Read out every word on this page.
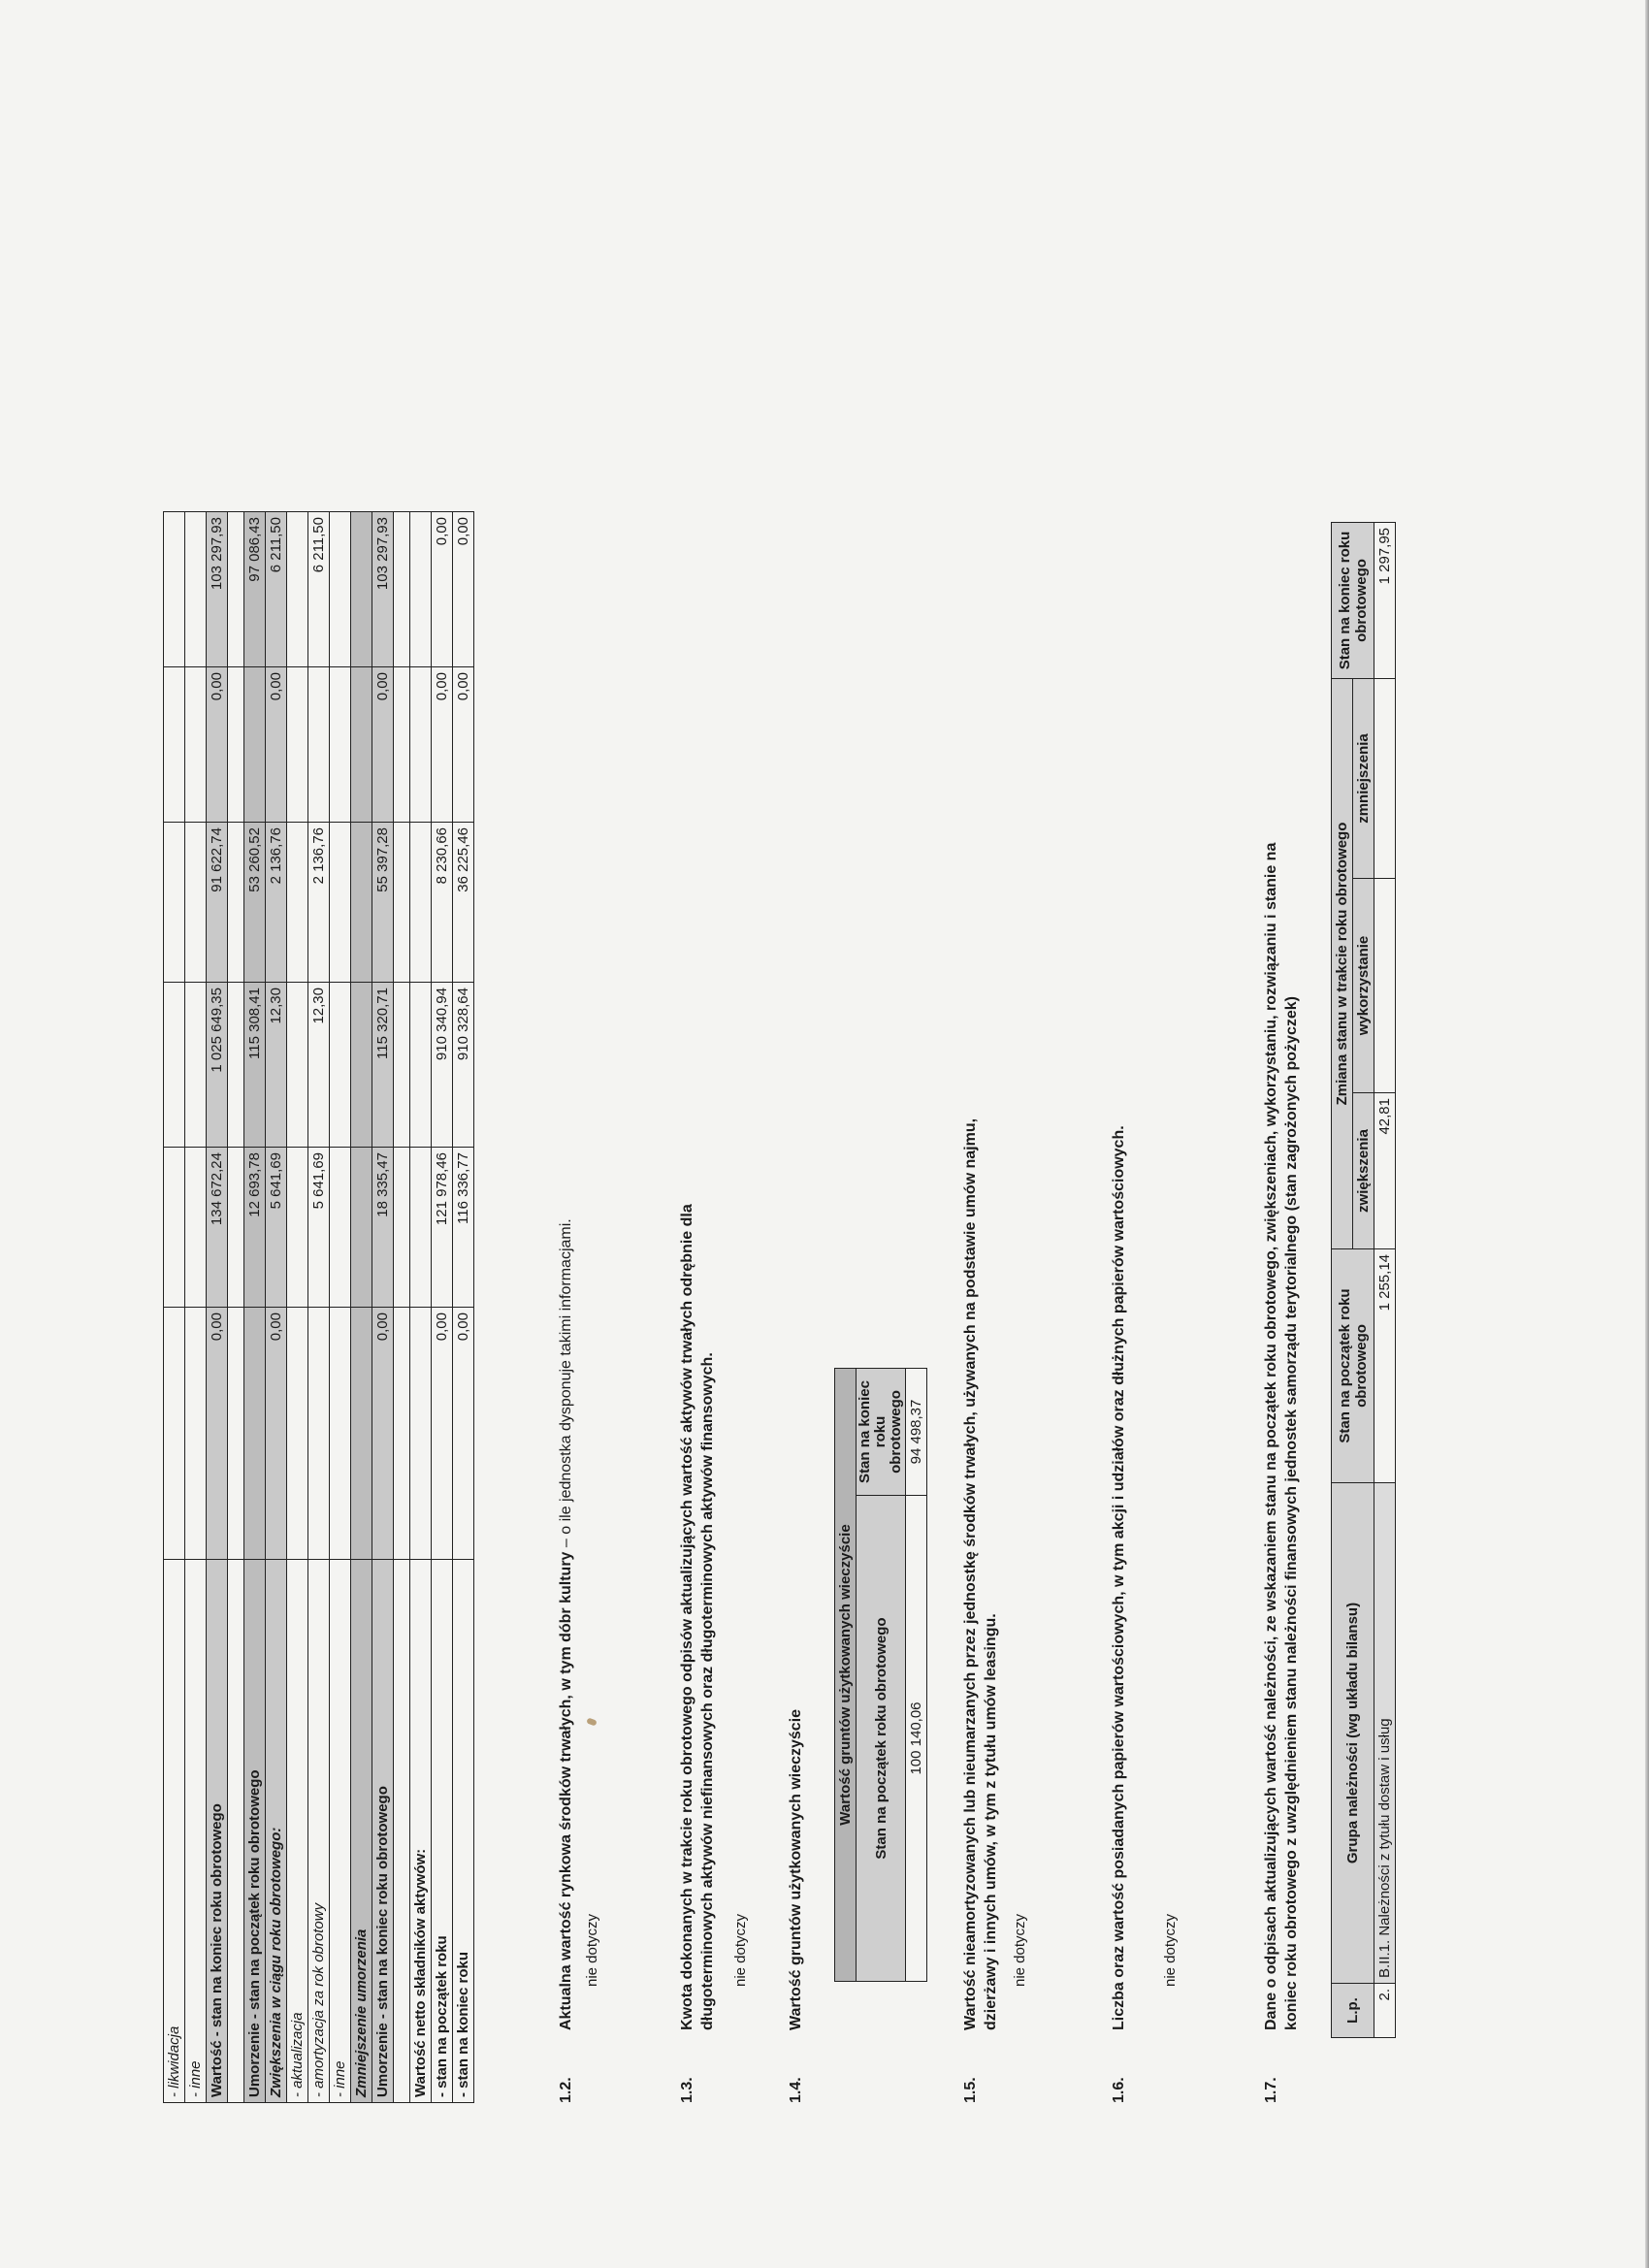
- likwidacja						
- inne						
Wartość - stan na koniec roku obrotowego	0,00	134 672,24	1 025 649,35	91 622,74	0,00	103 297,93

Umorzenie - stan na początek roku obrotowego		12 693,78	115 308,41	53 260,52		97 086,43
Zwiększenia w ciągu roku obrotowego:	0,00	5 641,69	12,30	2 136,76	0,00	6 211,50
- aktualizacja						
- amortyzacja za rok obrotowy		5 641,69	12,30	2 136,76		6 211,50
- inne						
Zmniejszenie umorzenia						
Umorzenie - stan na koniec roku obrotowego	0,00	18 335,47	115 320,71	55 397,28	0,00	103 297,93

Wartość netto składników aktywów:						
- stan na początek roku	0,00	121 978,46	910 340,94	8 230,66	0,00	0,00
- stan na koniec roku	0,00	116 336,77	910 328,64	36 225,46	0,00	0,00
1.2.
Aktualna wartość rynkowa środków trwałych, w tym dóbr kultury – o ile jednostka dysponuje takimi informacjami.
nie dotyczy
1.3.
Kwota dokonanych w trakcie roku obrotowego odpisów aktualizujących wartość aktywów trwałych odrębnie dla długoterminowych aktywów niefinansowych oraz długoterminowych aktywów finansowych. nie dotyczy
1.4.
Wartość gruntów użytkowanych wieczyście
Wartość gruntów użytkowanych wieczyście	
Stan na początek roku obrotowego	Stan na koniec roku obrotowego
100 140,06	94 498,37
1.5.
Wartość nieamortyzowanych lub nieumarzanych przez jednostkę środków trwałych, używanych na podstawie umów najmu, dzierżawy i innych umów, w tym z tytułu umów leasingu. nie dotyczy
1.6.
Liczba oraz wartość posiadanych papierów wartościowych, w tym akcji i udziałów oraz dłużnych papierów wartościowych. nie dotyczy
1.7.
Dane o odpisach aktualizujących wartość należności, ze wskazaniem stanu na początek roku obrotowego, zwiększeniach, wykorzystaniu, rozwiązaniu i stanie na koniec roku obrotowego z uwzględnieniem stanu należności finansowych jednostek samorządu terytorialnego (stan zagrożonych pożyczek)	L.p.	Grupa należności (wg układu bilansu)	Stan na początek roku obrotowego	Zmiana stanu w trakcie roku obrotowego			Stan na koniec roku obrotowego
			zwiększenia	wykorzystanie	zmniejszenia	
2.	B.II.1. Należności z tytułu dostaw i usług	1 255,14	42,81			1 297,95
